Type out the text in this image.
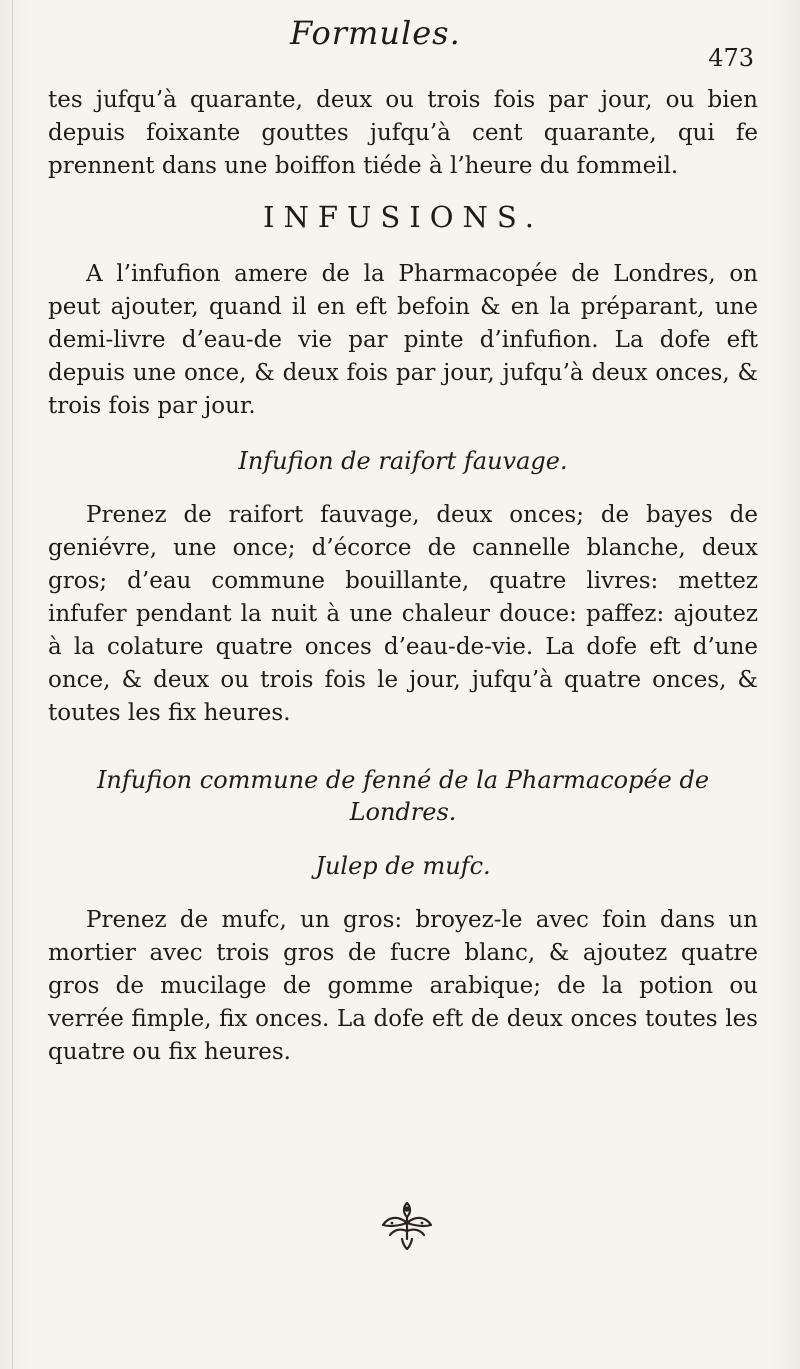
Formules.
473

tes jufqu’à quarante, deux ou trois fois par jour, ou bien depuis foixante gouttes jufqu’à cent quarante, qui fe prennent dans une boiffon tiéde à l’heure du fommeil.

INFUSIONS.

A l’infufion amere de la Pharmacopée de Londres, on peut ajouter, quand il en eft befoin & en la préparant, une demi-livre d’eau-de vie par pinte d’infufion. La dofe eft depuis une once, & deux fois par jour, jufqu’à deux onces, & trois fois par jour.

Infufion de raifort fauvage.

Prenez de raifort fauvage, deux onces; de bayes de geniévre, une once; d’écorce de cannelle blanche, deux gros; d’eau commune bouillante, quatre livres: mettez infufer pendant la nuit à une chaleur douce: paffez: ajoutez à la colature quatre onces d’eau-de-vie. La dofe eft d’une once, & deux ou trois fois le jour, jufqu’à quatre onces, & toutes les fix heures.

Infufion commune de fenné de la Pharmacopée de

Londres.

Julep de mufc.

Prenez de mufc, un gros: broyez-le avec foin dans un mortier avec trois gros de fucre blanc, & ajoutez quatre gros de mucilage de gomme arabique; de la potion ou verrée fimple, fix onces. La dofe eft de deux onces toutes les quatre ou fix heures.
